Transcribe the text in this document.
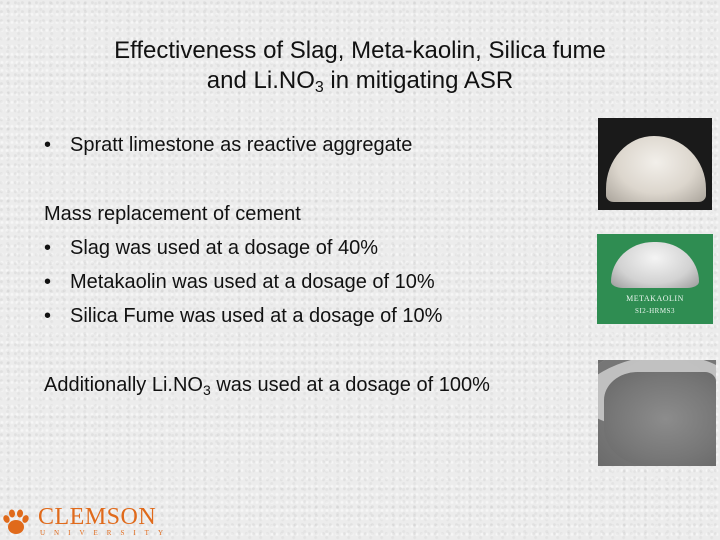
Effectiveness of Slag, Meta-kaolin, Silica fume
and $Li.NO_3$ in mitigating ASR
• Spratt limestone as reactive aggregate
Mass replacement of cement
• Slag was used at a dosage of 40%
• Metakaolin was used at a dosage of 10%
• Silica Fume was used at a dosage of 10%
Additionally $Li.NO_3$ was used at a dosage of 100%
METAKAOLIN
SI2-HRMS3
CLEMSON
UNIVERSITY
